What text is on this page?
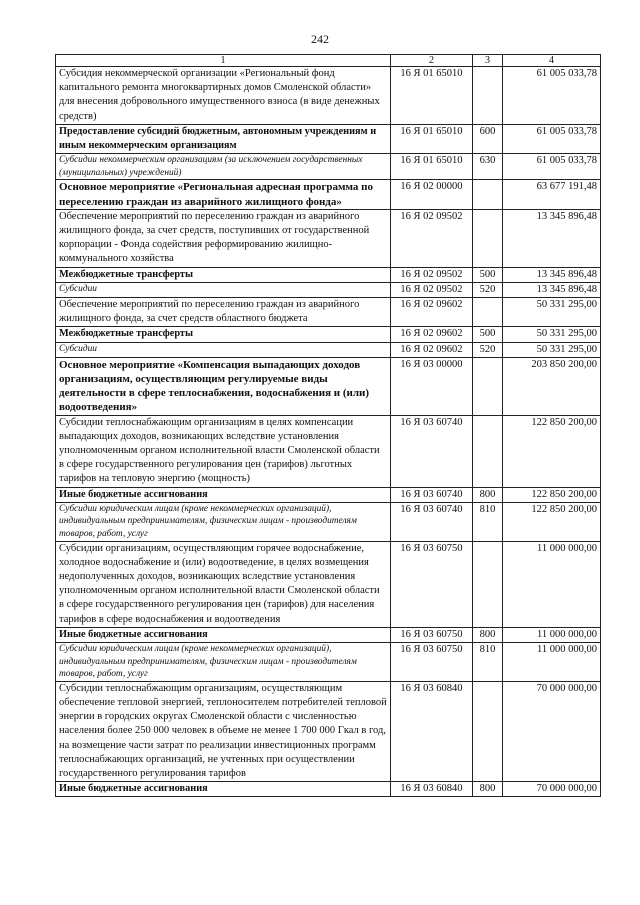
242
1	2	3	4
Субсидия некоммерческой организации «Региональный фонд капитального ремонта многоквартирных домов Смоленской области» для внесения добровольного имущественного взноса (в виде денежных средств)	16 Я 01 65010		61 005 033,78
Предоставление субсидий бюджетным, автономным учреждениям и иным некоммерческим организациям	16 Я 01 65010	600	61 005 033,78
Субсидии некоммерческим организациям (за исключением государственных (муниципальных) учреждений)	16 Я 01 65010	630	61 005 033,78
Основное мероприятие «Региональная адресная программа по переселению граждан из аварийного жилищного фонда»	16 Я 02 00000		63 677 191,48
Обеспечение мероприятий по переселению граждан из аварийного жилищного фонда, за счет средств, поступивших от государственной корпорации - Фонда содействия реформированию жилищно-коммунального хозяйства	16 Я 02 09502		13 345 896,48
Межбюджетные трансферты	16 Я 02 09502	500	13 345 896,48
Субсидии	16 Я 02 09502	520	13 345 896,48
Обеспечение мероприятий по переселению граждан из аварийного жилищного фонда, за счет средств областного бюджета	16 Я 02 09602		50 331 295,00
Межбюджетные трансферты	16 Я 02 09602	500	50 331 295,00
Субсидии	16 Я 02 09602	520	50 331 295,00
Основное мероприятие «Компенсация выпадающих доходов организациям, осуществляющим регулируемые виды деятельности в сфере теплоснабжения, водоснабжения и (или) водоотведения»	16 Я 03 00000		203 850 200,00
Субсидии теплоснабжающим организациям в целях компенсации выпадающих доходов, возникающих вследствие установления уполномоченным органом исполнительной власти Смоленской области в сфере государственного регулирования цен (тарифов) льготных тарифов на тепловую энергию (мощность)	16 Я 03 60740		122 850 200,00
Иные бюджетные ассигнования	16 Я 03 60740	800	122 850 200,00
Субсидии юридическим лицам (кроме некоммерческих организаций), индивидуальным предпринимателям, физическим лицам - производителям товаров, работ, услуг	16 Я 03 60740	810	122 850 200,00
Субсидии организациям, осуществляющим горячее водоснабжение, холодное водоснабжение и (или) водоотведение, в целях возмещения недополученных доходов, возникающих вследствие установления уполномоченным органом исполнительной власти Смоленской области в сфере государственного регулирования цен (тарифов) для населения тарифов в сфере водоснабжения и водоотведения	16 Я 03 60750		11 000 000,00
Иные бюджетные ассигнования	16 Я 03 60750	800	11 000 000,00
Субсидии юридическим лицам (кроме некоммерческих организаций), индивидуальным предпринимателям, физическим лицам - производителям товаров, работ, услуг	16 Я 03 60750	810	11 000 000,00
Субсидии теплоснабжающим организациям, осуществляющим обеспечение тепловой энергией, теплоносителем потребителей тепловой энергии в городских округах Смоленской области с численностью населения более 250 000 человек в объеме не менее 1 700 000 Гкал в год, на возмещение части затрат по реализации инвестиционных программ теплоснабжающих организаций, не учтенных при осуществлении государственного регулирования тарифов	16 Я 03 60840		70 000 000,00
Иные бюджетные ассигнования	16 Я 03 60840	800	70 000 000,00
